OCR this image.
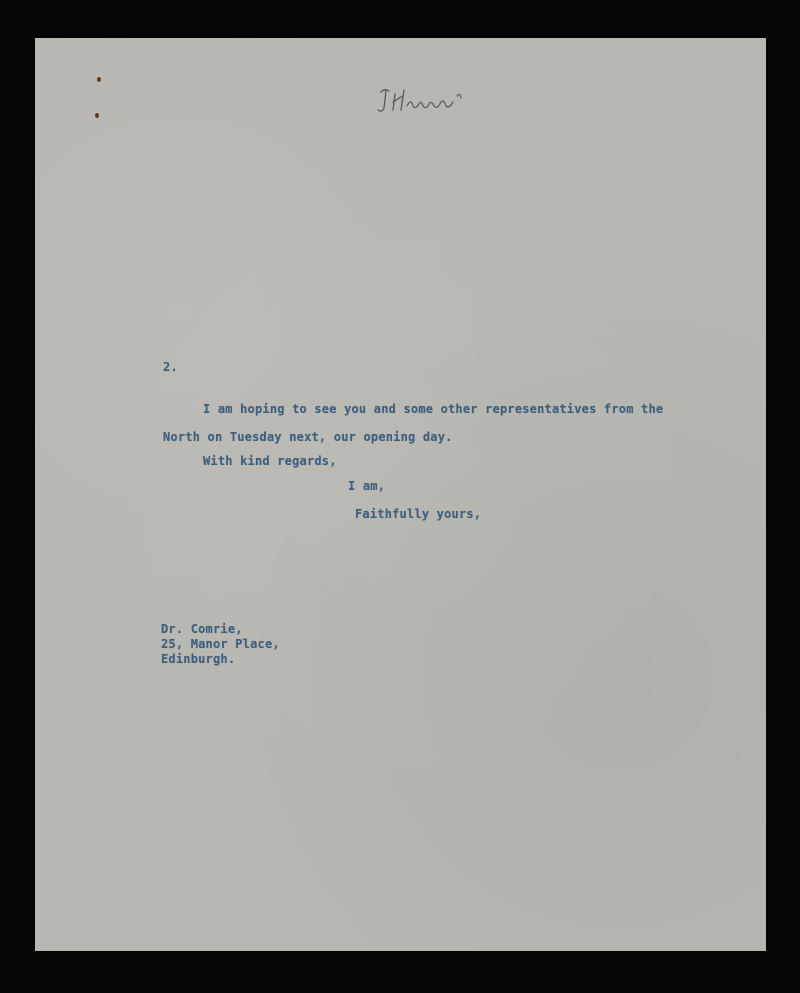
2.
I am hoping to see you and some other representatives from the
North on Tuesday next, our opening day.
With kind regards,
I am,
Faithfully yours,
Dr. Comrie,
25, Manor Place,
Edinburgh.
